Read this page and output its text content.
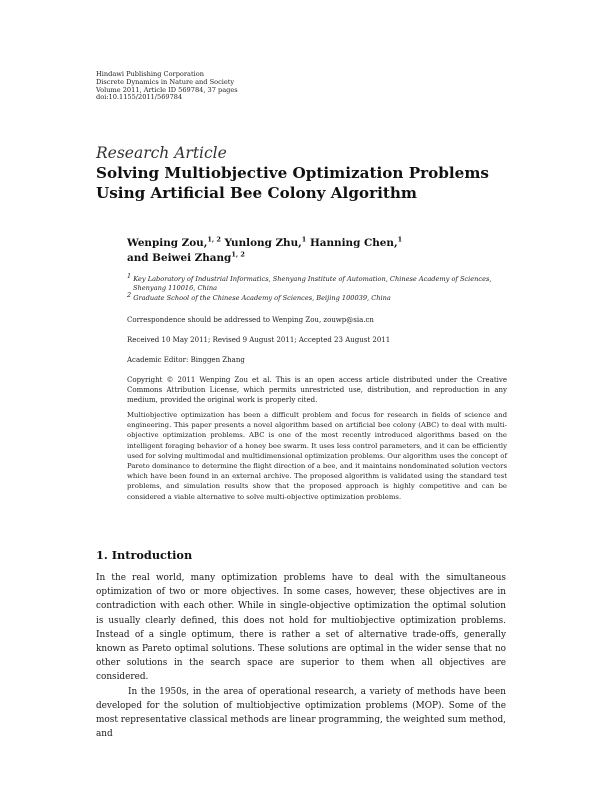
Hindawi Publishing Corporation
Discrete Dynamics in Nature and Society
Volume 2011, Article ID 569784, 37 pages
doi:10.1155/2011/569784
Research Article
Solving Multiobjective Optimization Problems
Using Artificial Bee Colony Algorithm
Wenping Zou,$^{1, 2}$ Yunlong Zhu,$^1$ Hanning Chen,$^1$
and Beiwei Zhang$^{1, 2}$
$^1$ Key Laboratory of Industrial Informatics, Shenyang Institute of Automation, Chinese Academy of Sciences,
Shenyang 110016, China
$^2$ Graduate School of the Chinese Academy of Sciences, Beijing 100039, China
Correspondence should be addressed to Wenping Zou, zouwp@sia.cn
Received 10 May 2011; Revised 9 August 2011; Accepted 23 August 2011
Academic Editor: Binggen Zhang
Copyright © 2011 Wenping Zou et al. This is an open access article distributed under the Creative Commons Attribution License, which permits unrestricted use, distribution, and reproduction in any medium, provided the original work is properly cited.
Multiobjective optimization has been a difficult problem and focus for research in fields of science and engineering. This paper presents a novel algorithm based on artificial bee colony (ABC) to deal with multi-objective optimization problems. ABC is one of the most recently introduced algorithms based on the intelligent foraging behavior of a honey bee swarm. It uses less control parameters, and it can be efficiently used for solving multimodal and multidimensional optimization problems. Our algorithm uses the concept of Pareto dominance to determine the flight direction of a bee, and it maintains nondominated solution vectors which have been found in an external archive. The proposed algorithm is validated using the standard test problems, and simulation results show that the proposed approach is highly competitive and can be considered a viable alternative to solve multi-objective optimization problems.
1. Introduction

In the real world, many optimization problems have to deal with the simultaneous optimization of two or more objectives. In some cases, however, these objectives are in contradiction with each other. While in single-objective optimization the optimal solution is usually clearly defined, this does not hold for multiobjective optimization problems. Instead of a single optimum, there is rather a set of alternative trade-offs, generally known as Pareto optimal solutions. These solutions are optimal in the wider sense that no other solutions in the search space are superior to them when all objectives are considered.

In the 1950s, in the area of operational research, a variety of methods have been developed for the solution of multiobjective optimization problems (MOP). Some of the most representative classical methods are linear programming, the weighted sum method, and
